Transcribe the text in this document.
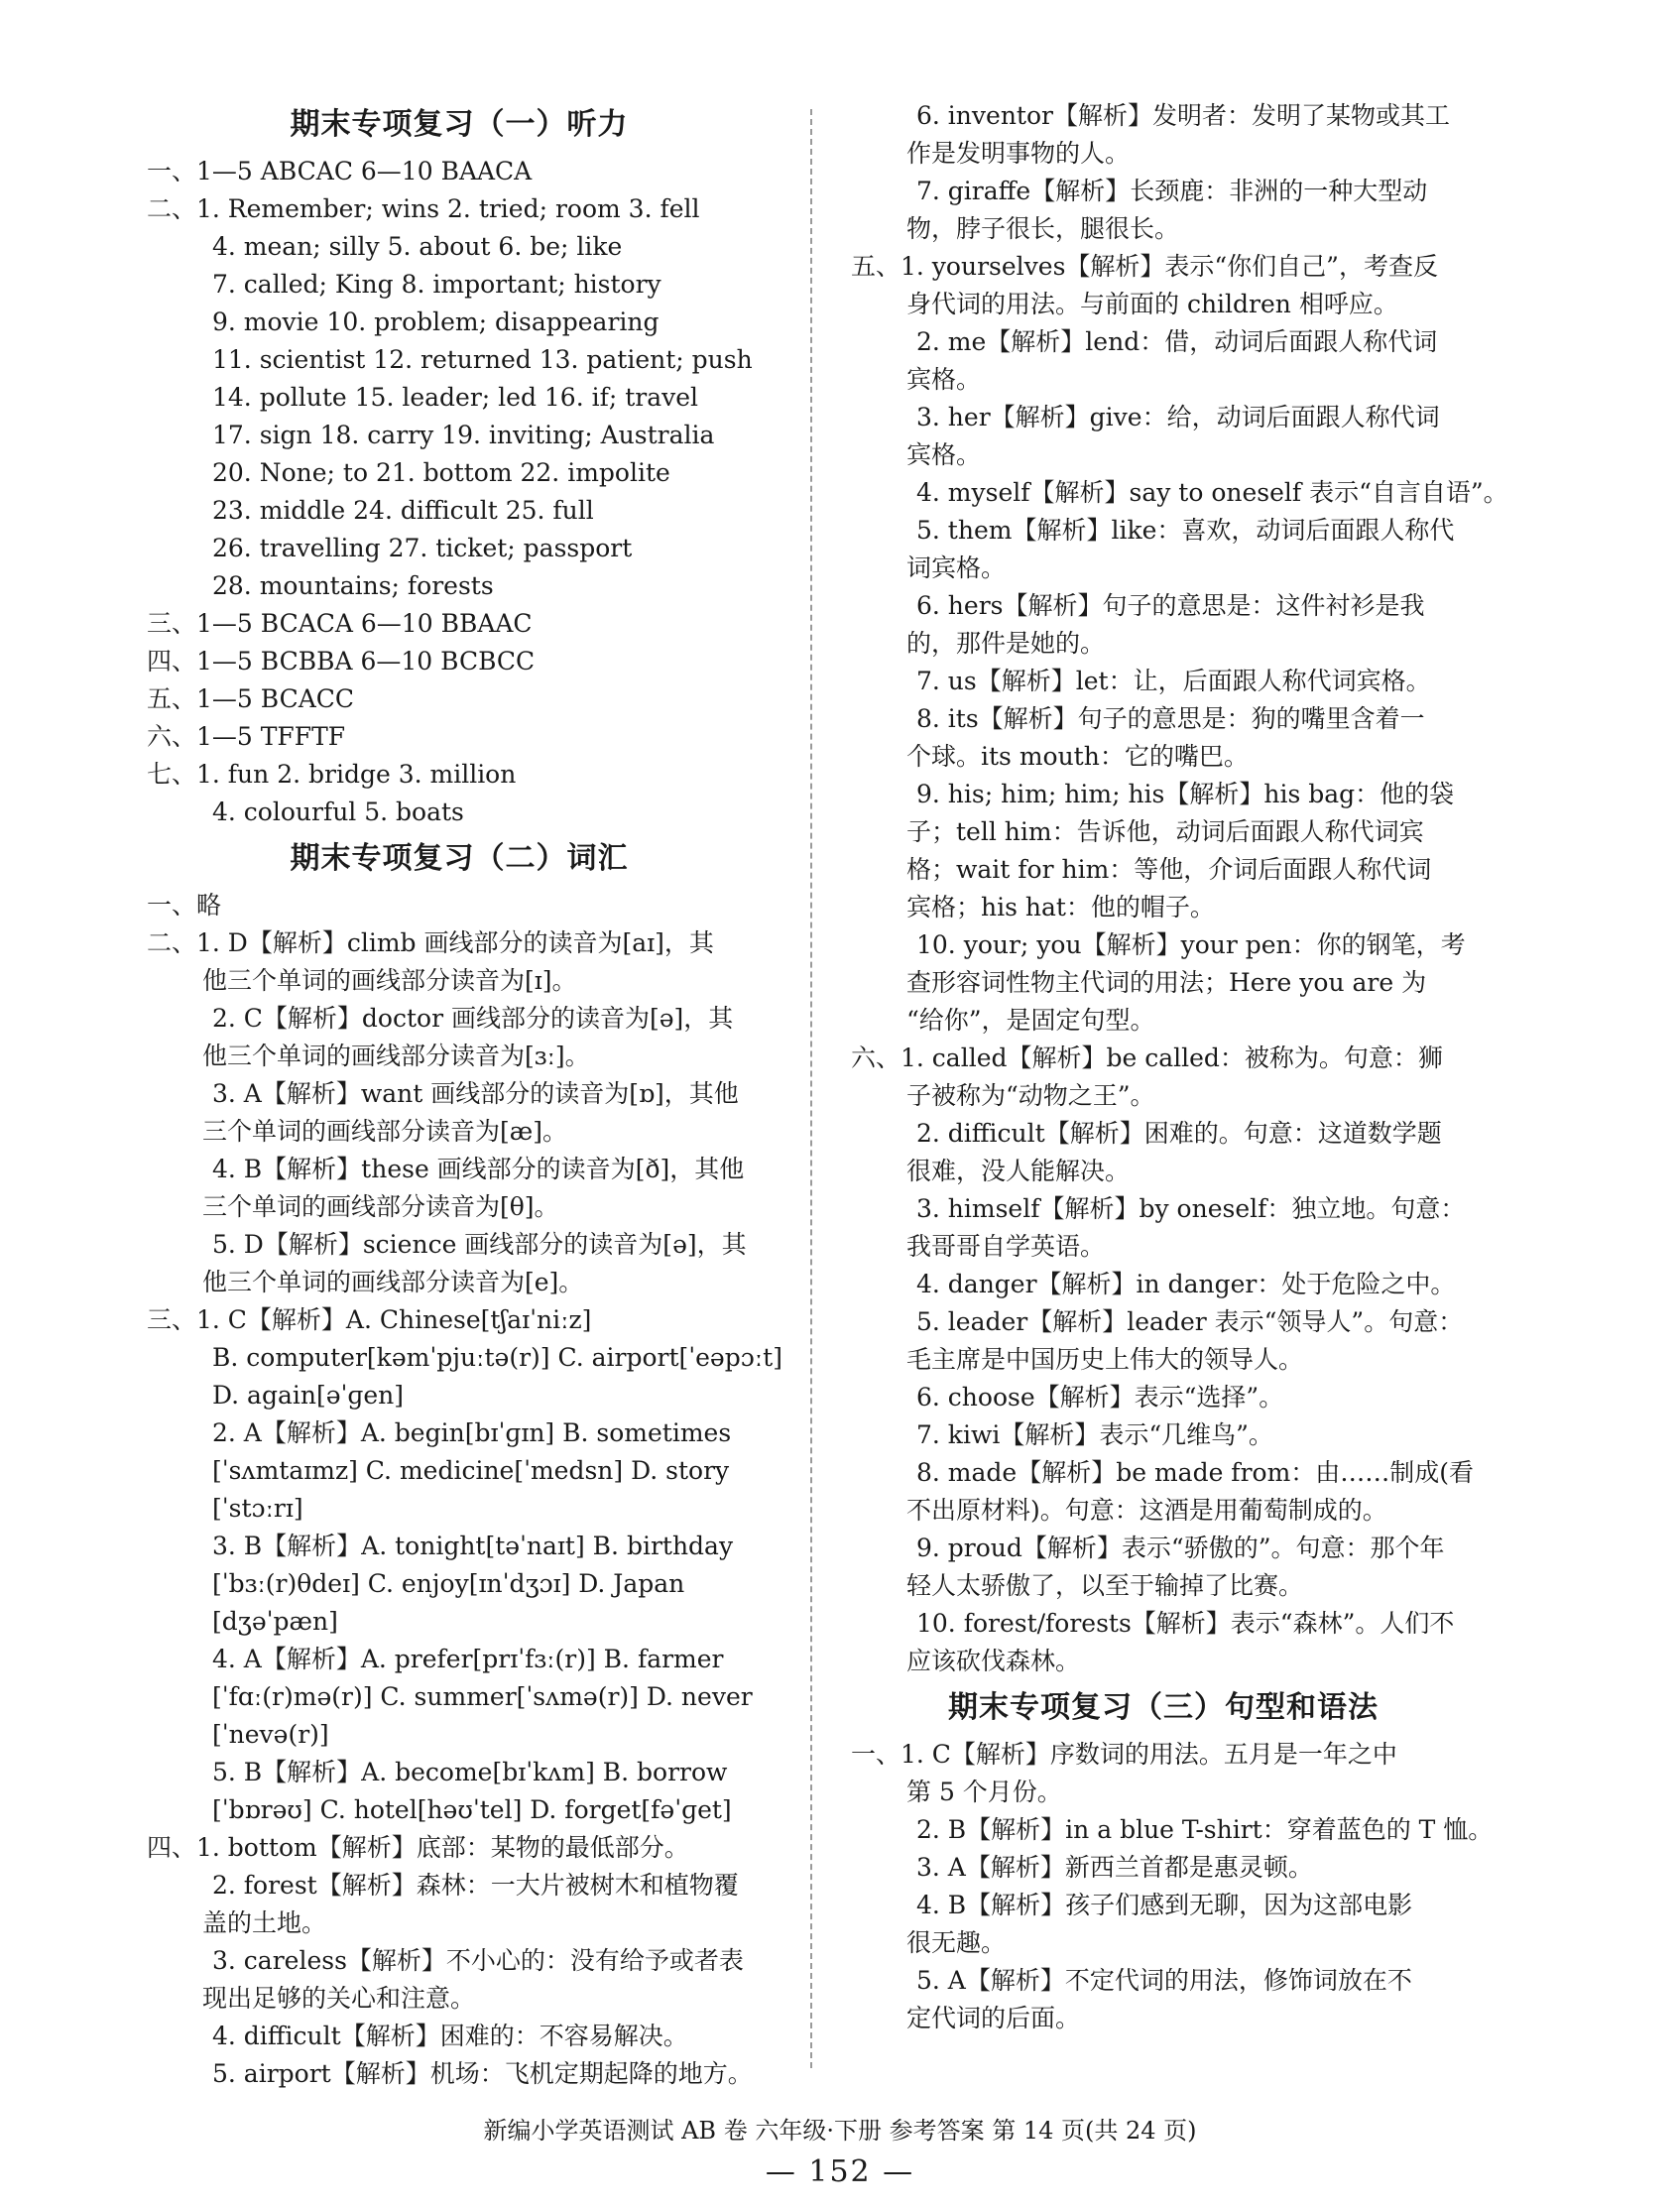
期末专项复习（一）听力
一、1—5 ABCAC 6—10 BAACA
二、1. Remember; wins 2. tried; room 3. fell
4. mean; silly 5. about 6. be; like
7. called; King 8. important; history
9. movie 10. problem; disappearing
11. scientist 12. returned 13. patient; push
14. pollute 15. leader; led 16. if; travel
17. sign 18. carry 19. inviting; Australia
20. None; to 21. bottom 22. impolite
23. middle 24. difficult 25. full
26. travelling 27. ticket; passport
28. mountains; forests
三、1—5 BCACA 6—10 BBAAC
四、1—5 BCBBA 6—10 BCBCC
五、1—5 BCACC
六、1—5 TFFTF
七、1. fun 2. bridge 3. million
4. colourful 5. boats
期末专项复习（二）词汇
一、略
二、1. D【解析】climb 画线部分的读音为[aɪ]，其
他三个单词的画线部分读音为[ɪ]。
2. C【解析】doctor 画线部分的读音为[ə]，其
他三个单词的画线部分读音为[ɜː]。
3. A【解析】want 画线部分的读音为[ɒ]，其他
三个单词的画线部分读音为[æ]。
4. B【解析】these 画线部分的读音为[ð]，其他
三个单词的画线部分读音为[θ]。
5. D【解析】science 画线部分的读音为[ə]，其
他三个单词的画线部分读音为[e]。
三、1. C【解析】A. Chinese[tʃaɪˈniːz]
B. computer[kəmˈpjuːtə(r)] C. airport[ˈeəpɔːt]
D. again[əˈɡen]
2. A【解析】A. begin[bɪˈɡɪn] B. sometimes
[ˈsʌmtaɪmz] C. medicine[ˈmedsn] D. story
[ˈstɔːrɪ]
3. B【解析】A. tonight[təˈnaɪt] B. birthday
[ˈbɜː(r)θdeɪ] C. enjoy[ɪnˈdʒɔɪ] D. Japan
[dʒəˈpæn]
4. A【解析】A. prefer[prɪˈfɜː(r)] B. farmer
[ˈfɑː(r)mə(r)] C. summer[ˈsʌmə(r)] D. never
[ˈnevə(r)]
5. B【解析】A. become[bɪˈkʌm] B. borrow
[ˈbɒrəʊ] C. hotel[həʊˈtel] D. forget[fəˈɡet]
四、1. bottom【解析】底部：某物的最低部分。
2. forest【解析】森林：一大片被树木和植物覆
盖的土地。
3. careless【解析】不小心的：没有给予或者表
现出足够的关心和注意。
4. difficult【解析】困难的：不容易解决。
5. airport【解析】机场：飞机定期起降的地方。
6. inventor【解析】发明者：发明了某物或其工
作是发明事物的人。
7. giraffe【解析】长颈鹿：非洲的一种大型动
物，脖子很长，腿很长。
五、1. yourselves【解析】表示“你们自己”，考查反
身代词的用法。与前面的 children 相呼应。
2. me【解析】lend：借，动词后面跟人称代词
宾格。
3. her【解析】give：给，动词后面跟人称代词
宾格。
4. myself【解析】say to oneself 表示“自言自语”。
5. them【解析】like：喜欢，动词后面跟人称代
词宾格。
6. hers【解析】句子的意思是：这件衬衫是我
的，那件是她的。
7. us【解析】let：让，后面跟人称代词宾格。
8. its【解析】句子的意思是：狗的嘴里含着一
个球。its mouth：它的嘴巴。
9. his; him; him; his【解析】his bag：他的袋
子；tell him：告诉他，动词后面跟人称代词宾
格；wait for him：等他，介词后面跟人称代词
宾格；his hat：他的帽子。
10. your; you【解析】your pen：你的钢笔，考
查形容词性物主代词的用法；Here you are 为
“给你”，是固定句型。
六、1. called【解析】be called：被称为。句意：狮
子被称为“动物之王”。
2. difficult【解析】困难的。句意：这道数学题
很难，没人能解决。
3. himself【解析】by oneself：独立地。句意：
我哥哥自学英语。
4. danger【解析】in danger：处于危险之中。
5. leader【解析】leader 表示“领导人”。句意：
毛主席是中国历史上伟大的领导人。
6. choose【解析】表示“选择”。
7. kiwi【解析】表示“几维鸟”。
8. made【解析】be made from：由……制成(看
不出原材料)。句意：这酒是用葡萄制成的。
9. proud【解析】表示“骄傲的”。句意：那个年
轻人太骄傲了，以至于输掉了比赛。
10. forest/forests【解析】表示“森林”。人们不
应该砍伐森林。
期末专项复习（三）句型和语法
一、1. C【解析】序数词的用法。五月是一年之中
第 5 个月份。
2. B【解析】in a blue T-shirt：穿着蓝色的 T 恤。
3. A【解析】新西兰首都是惠灵顿。
4. B【解析】孩子们感到无聊，因为这部电影
很无趣。
5. A【解析】不定代词的用法，修饰词放在不
定代词的后面。
新编小学英语测试 AB 卷 六年级·下册 参考答案 第 14 页(共 24 页)
— 152 —
